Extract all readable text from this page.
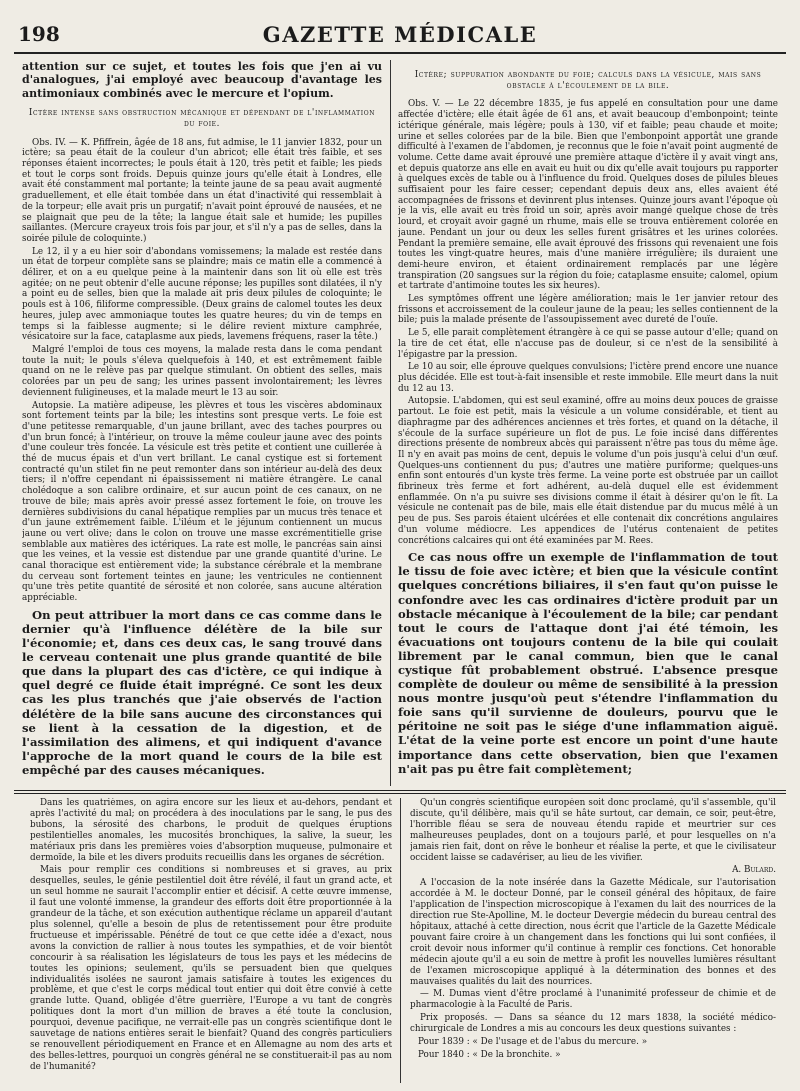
198	GAZETTE MÉDICALE

attention sur ce sujet, et toutes les fois que j'en ai vu d'analogues, j'ai employé avec beaucoup d'avantage les antimoniaux combinés avec le mercure et l'opium.

Ictère intense sans obstruction mécanique et dépendant de l'inflammation du foie.

Obs. IV. — K. Pfiffrein, âgée de 18 ans, fut admise, le 11 janvier 1832, pour un ictère; sa peau était de la couleur d'un abricot; elle était très faible, et ses réponses étaient incorrectes; le pouls était à 120, très petit et faible; les pieds et tout le corps sont froids. Depuis quinze jours qu'elle était à Londres, elle avait été constamment mal portante; la teinte jaune de sa peau avait augmenté graduellement, et elle était tombée dans un état d'inactivité qui ressemblait à de la torpeur; elle avait pris un purgatif; n'avait point éprouvé de nausées, et ne se plaignait que peu de la tête; la langue était sale et humide; les pupilles saillantes. (Mercure crayeux trois fois par jour, et s'il n'y a pas de selles, dans la soirée pilule de coloquinte.)

Le 12, il y a eu hier soir d'abondans vomissemens; la malade est restée dans un état de torpeur complète sans se plaindre; mais ce matin elle a commencé à délirer, et on a eu quelque peine à la maintenir dans son lit où elle est très agitée; on ne peut obtenir d'elle aucune réponse; les pupilles sont dilatées, il n'y a point eu de selles, bien que la malade ait pris deux pilules de coloquinte; le pouls est à 106, filiforme compressible. (Deux grains de calomel toutes les deux heures, julep avec ammoniaque toutes les quatre heures; du vin de temps en temps si la faiblesse augmente; si le délire revient mixture camphrée, vésicatoire sur la face, cataplasme aux pieds, lavemens fréquens, raser la tête.)

Malgré l'emploi de tous ces moyens, la malade resta dans le coma pendant toute la nuit; le pouls s'éleva quelquefois à 140, et est extrêmement faible quand on ne le relève pas par quelque stimulant. On obtient des selles, mais colorées par un peu de sang; les urines passent involontairement; les lèvres deviennent fuligineuses, et la malade meurt le 13 au soir.

Autopsie. La matière adipeuse, les plèvres et tous les viscères abdominaux sont fortement teints par la bile; les intestins sont presque verts. Le foie est d'une petitesse remarquable, d'un jaune brillant, avec des taches pourpres ou d'un brun foncé; à l'intérieur, on trouve la même couleur jaune avec des points d'une couleur très foncée. La vésicule est très petite et contient une cuillerée à thé de mucus épais et d'un vert brillant. Le canal cystique est si fortement contracté qu'un stilet fin ne peut remonter dans son intérieur au-delà des deux tiers; il n'offre cependant ni épaississement ni matière étrangère. Le canal cholédoque a son calibre ordinaire, et sur aucun point de ces canaux, on ne trouve de bile; mais après avoir pressé assez fortement le foie, on trouve les dernières subdivisions du canal hépatique remplies par un mucus très tenace et d'un jaune extrêmement faible. L'iléum et le jéjunum contiennent un mucus jaune ou vert olive; dans le colon on trouve une masse excrémentitielle grise semblable aux matières des ictériques. La rate est molle, le pancréas sain ainsi que les veines, et la vessie est distendue par une grande quantité d'urine. Le canal thoracique est entièrement vide; la substance cérébrale et la membrane du cerveau sont fortement teintes en jaune; les ventricules ne contiennent qu'une très petite quantité de sérosité et non colorée, sans aucune altération appréciable.

On peut attribuer la mort dans ce cas comme dans le dernier qu'à l'influence délétère de la bile sur l'économie; et, dans ces deux cas, le sang trouvé dans le cerveau contenait une plus grande quantité de bile que dans la plupart des cas d'ictère, ce qui indique à quel degré ce fluide était imprégné. Ce sont les deux cas les plus tranchés que j'aie observés de l'action délétère de la bile sans aucune des circonstances qui se lient à la cessation de la digestion, et de l'assimilation des alimens, et qui indiquent d'avance l'approche de la mort quand le cours de la bile est empêché par des causes mécaniques.

Ictère; suppuration abondante du foie; calculs dans la vésicule, mais sans obstacle à l'écoulement de la bile.

Obs. V. — Le 22 décembre 1835, je fus appelé en consultation pour une dame affectée d'ictère; elle était âgée de 61 ans, et avait beaucoup d'embonpoint; teinte ictérique générale, mais légère; pouls à 130, vif et faible; peau chaude et moite; urine et selles colorées par de la bile. Bien que l'embonpoint apportât une grande difficulté à l'examen de l'abdomen, je reconnus que le foie n'avait point augmenté de volume. Cette dame avait éprouvé une première attaque d'ictère il y avait vingt ans, et depuis quatorze ans elle en avait eu huit ou dix qu'elle avait toujours pu rapporter à quelques excès de table ou à l'influence du froid. Quelques doses de pilules bleues suffisaient pour les faire cesser; cependant depuis deux ans, elles avaient été accompagnées de frissons et devinrent plus intenses. Quinze jours avant l'époque où je la vis, elle avait eu très froid un soir, après avoir mangé quelque chose de très lourd, et croyait avoir gagné un rhume, mais elle se trouva entièrement colorée en jaune. Pendant un jour ou deux les selles furent grisâtres et les urines colorées. Pendant la première semaine, elle avait éprouvé des frissons qui revenaient une fois toutes les vingt-quatre heures, mais d'une manière irrégulière; ils duraient une demi-heure environ, et étaient ordinairement remplacés par une légère transpiration (20 sangsues sur la région du foie; cataplasme ensuite; calomel, opium et tartrate d'antimoine toutes les six heures).

Les symptômes offrent une légère amélioration; mais le 1er janvier retour des frissons et accroissement de la couleur jaune de la peau; les selles contiennent de la bile; puis la malade présente de l'assoupissement avec dureté de l'ouïe.

Le 5, elle parait complètement étrangère à ce qui se passe autour d'elle; quand on la tire de cet état, elle n'accuse pas de douleur, si ce n'est de la sensibilité à l'épigastre par la pression.

Le 10 au soir, elle éprouve quelques convulsions; l'ictère prend encore une nuance plus décidée. Elle est tout-à-fait insensible et reste immobile. Elle meurt dans la nuit du 12 au 13.

Autopsie. L'abdomen, qui est seul examiné, offre au moins deux pouces de graisse partout. Le foie est petit, mais la vésicule a un volume considérable, et tient au diaphragme par des adhérences anciennes et très fortes, et quand on la détache, il s'écoule de la surface supérieure un flot de pus. Le foie incisé dans différentes directions présente de nombreux abcès qui paraissent n'être pas tous du même âge. Il n'y en avait pas moins de cent, depuis le volume d'un pois jusqu'à celui d'un œuf. Quelques-uns contiennent du pus; d'autres une matière puriforme; quelques-uns enfin sont entourés d'un kyste très ferme. La veine porte est obstruée par un caillot fibrineux très ferme et fort adhérent, au-delà duquel elle est évidemment enflammée. On n'a pu suivre ses divisions comme il était à désirer qu'on le fît. La vésicule ne contenait pas de bile, mais elle était distendue par du mucus mêlé à un peu de pus. Ses parois étaient ulcérées et elle contenait dix concrétions angulaires d'un volume médiocre. Les appendices de l'utérus contenaient de petites concrétions calcaires qui ont été examinées par M. Rees.

Ce cas nous offre un exemple de l'inflammation de tout le tissu de foie avec ictère; et bien que la vésicule contînt quelques concrétions biliaires, il s'en faut qu'on puisse le confondre avec les cas ordinaires d'ictère produit par un obstacle mécanique à l'écoulement de la bile; car pendant tout le cours de l'attaque dont j'ai été témoin, les évacuations ont toujours contenu de la bile qui coulait librement par le canal commun, bien que le canal cystique fût probablement obstrué. L'absence presque complète de douleur ou même de sensibilité à la pression nous montre jusqu'où peut s'étendre l'inflammation du foie sans qu'il survienne de douleurs, pourvu que le péritoine ne soit pas le siége d'une inflammation aiguë. L'état de la veine porte est encore un point d'une haute importance dans cette observation, bien que l'examen n'ait pas pu être fait complètement;

Dans les quatrièmes, on agira encore sur les lieux et au-dehors, pendant et après l'activité du mal; on procédera à des inoculations par le sang, le pus des bubons, la sérosité des charbons, le produit de quelques éruptions pestilentielles anomales, les mucosités bronchiques, la salive, la sueur, les matériaux pris dans les premières voies d'absorption muqueuse, pulmonaire et dermoïde, la bile et les divers produits recueillis dans les organes de sécrétion.

Mais pour remplir ces conditions si nombreuses et si graves, au prix desquelles, seules, le génie pestilentiel doit être révélé, il faut un grand acte, et un seul homme ne saurait l'accomplir entier et décisif. A cette œuvre immense, il faut une volonté immense, la grandeur des efforts doit être proportionnée à la grandeur de la tâche, et son exécution authentique réclame un appareil d'autant plus solennel, qu'elle a besoin de plus de retentissement pour être produite fructueuse et impérissable. Pénétré de tout ce que cette idée a d'exact, nous avons la conviction de rallier à nous toutes les sympathies, et de voir bientôt concourir à sa réalisation les législateurs de tous les pays et les médecins de toutes les opinions; seulement, qu'ils se persuadent bien que quelques individualités isolées ne sauront jamais satisfaire à toutes les exigences du problème, et que c'est le corps médical tout entier qui doit être convié à cette grande lutte. Quand, obligée d'être guerrière, l'Europe a vu tant de congrès politiques dont la mort d'un million de braves a été toute la conclusion, pourquoi, devenue pacifique, ne verrait-elle pas un congrès scientifique dont le sauvetage de nations entières serait le bienfait? Quand des congrès particuliers se renouvellent périodiquement en France et en Allemagne au nom des arts et des belles-lettres, pourquoi un congrès général ne se constituerait-il pas au nom de l'humanité?

Qu'un congrès scientifique européen soit donc proclamé, qu'il s'assemble, qu'il discute, qu'il délibère, mais qu'il se hâte surtout, car demain, ce soir, peut-être, l'horrible fléau se sera de nouveau étendu rapide et meurtrier sur ces malheureuses peuplades, dont on a toujours parlé, et pour lesquelles on n'a jamais rien fait, dont on rêve le bonheur et réalise la perte, et que le civilisateur occident laisse se cadavériser, au lieu de les vivifier.

A. Bulard.

A l'occasion de la note insérée dans la Gazette Médicale, sur l'autorisation accordée à M. le docteur Donné, par le conseil général des hôpitaux, de faire l'application de l'inspection microscopique à l'examen du lait des nourrices de la direction rue Ste-Apolline, M. le docteur Devergie médecin du bureau central des hôpitaux, attaché à cette direction, nous écrit que l'article de la Gazette Médicale pouvant faire croire à un changement dans les fonctions qui lui sont confiées, il croit devoir nous informer qu'il continue à remplir ces fonctions. Cet honorable médecin ajoute qu'il a eu soin de mettre à profit les nouvelles lumières résultant de l'examen microscopique appliqué à la détermination des bonnes et des mauvaises qualités du lait des nourrices.

— M. Dumas vient d'être proclamé à l'unanimité professeur de chimie et de pharmacologie à la Faculté de Paris.

Prix proposés. — Dans sa séance du 12 mars 1838, la société médico-chirurgicale de Londres a mis au concours les deux questions suivantes :

Pour 1839 : « De l'usage et de l'abus du mercure. »

Pour 1840 : « De la bronchite. »
